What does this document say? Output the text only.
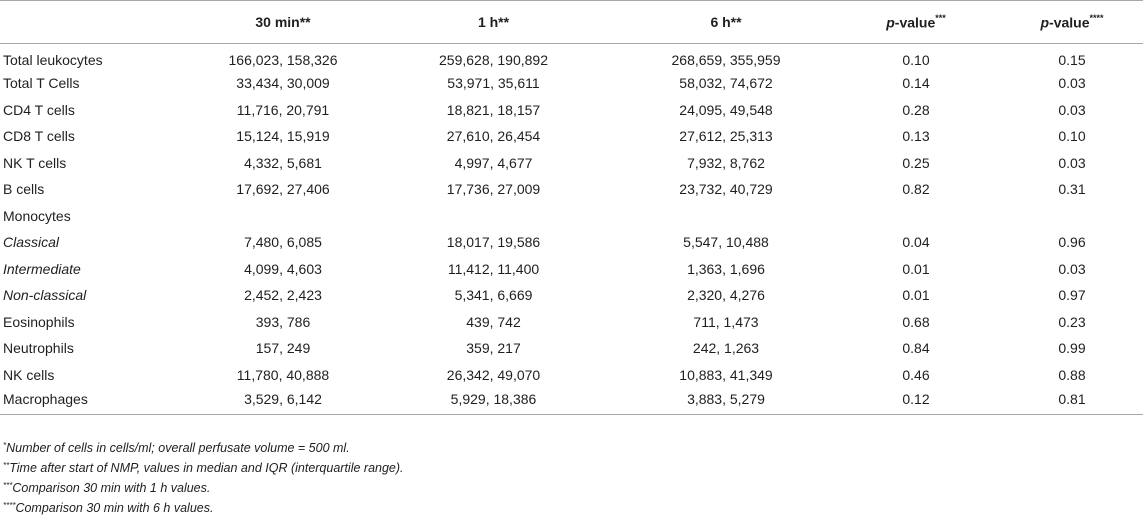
	30 min**	1 h**	6 h**	p-value***	p-value****
Total leukocytes	166,023, 158,326	259,628, 190,892	268,659, 355,959	0.10	0.15
Total T Cells	33,434, 30,009	53,971, 35,611	58,032, 74,672	0.14	0.03
CD4 T cells	11,716, 20,791	18,821, 18,157	24,095, 49,548	0.28	0.03
CD8 T cells	15,124, 15,919	27,610, 26,454	27,612, 25,313	0.13	0.10
NK T cells	4,332, 5,681	4,997, 4,677	7,932, 8,762	0.25	0.03
B cells	17,692, 27,406	17,736, 27,009	23,732, 40,729	0.82	0.31
Monocytes					
Classical	7,480, 6,085	18,017, 19,586	5,547, 10,488	0.04	0.96
Intermediate	4,099, 4,603	11,412, 11,400	1,363, 1,696	0.01	0.03
Non-classical	2,452, 2,423	5,341, 6,669	2,320, 4,276	0.01	0.97
Eosinophils	393, 786	439, 742	711, 1,473	0.68	0.23
Neutrophils	157, 249	359, 217	242, 1,263	0.84	0.99
NK cells	11,780, 40,888	26,342, 49,070	10,883, 41,349	0.46	0.88
Macrophages	3,529, 6,142	5,929, 18,386	3,883, 5,279	0.12	0.81
*Number of cells in cells/ml; overall perfusate volume = 500 ml.
**Time after start of NMP, values in median and IQR (interquartile range).
***Comparison 30 min with 1 h values.
****Comparison 30 min with 6 h values.
